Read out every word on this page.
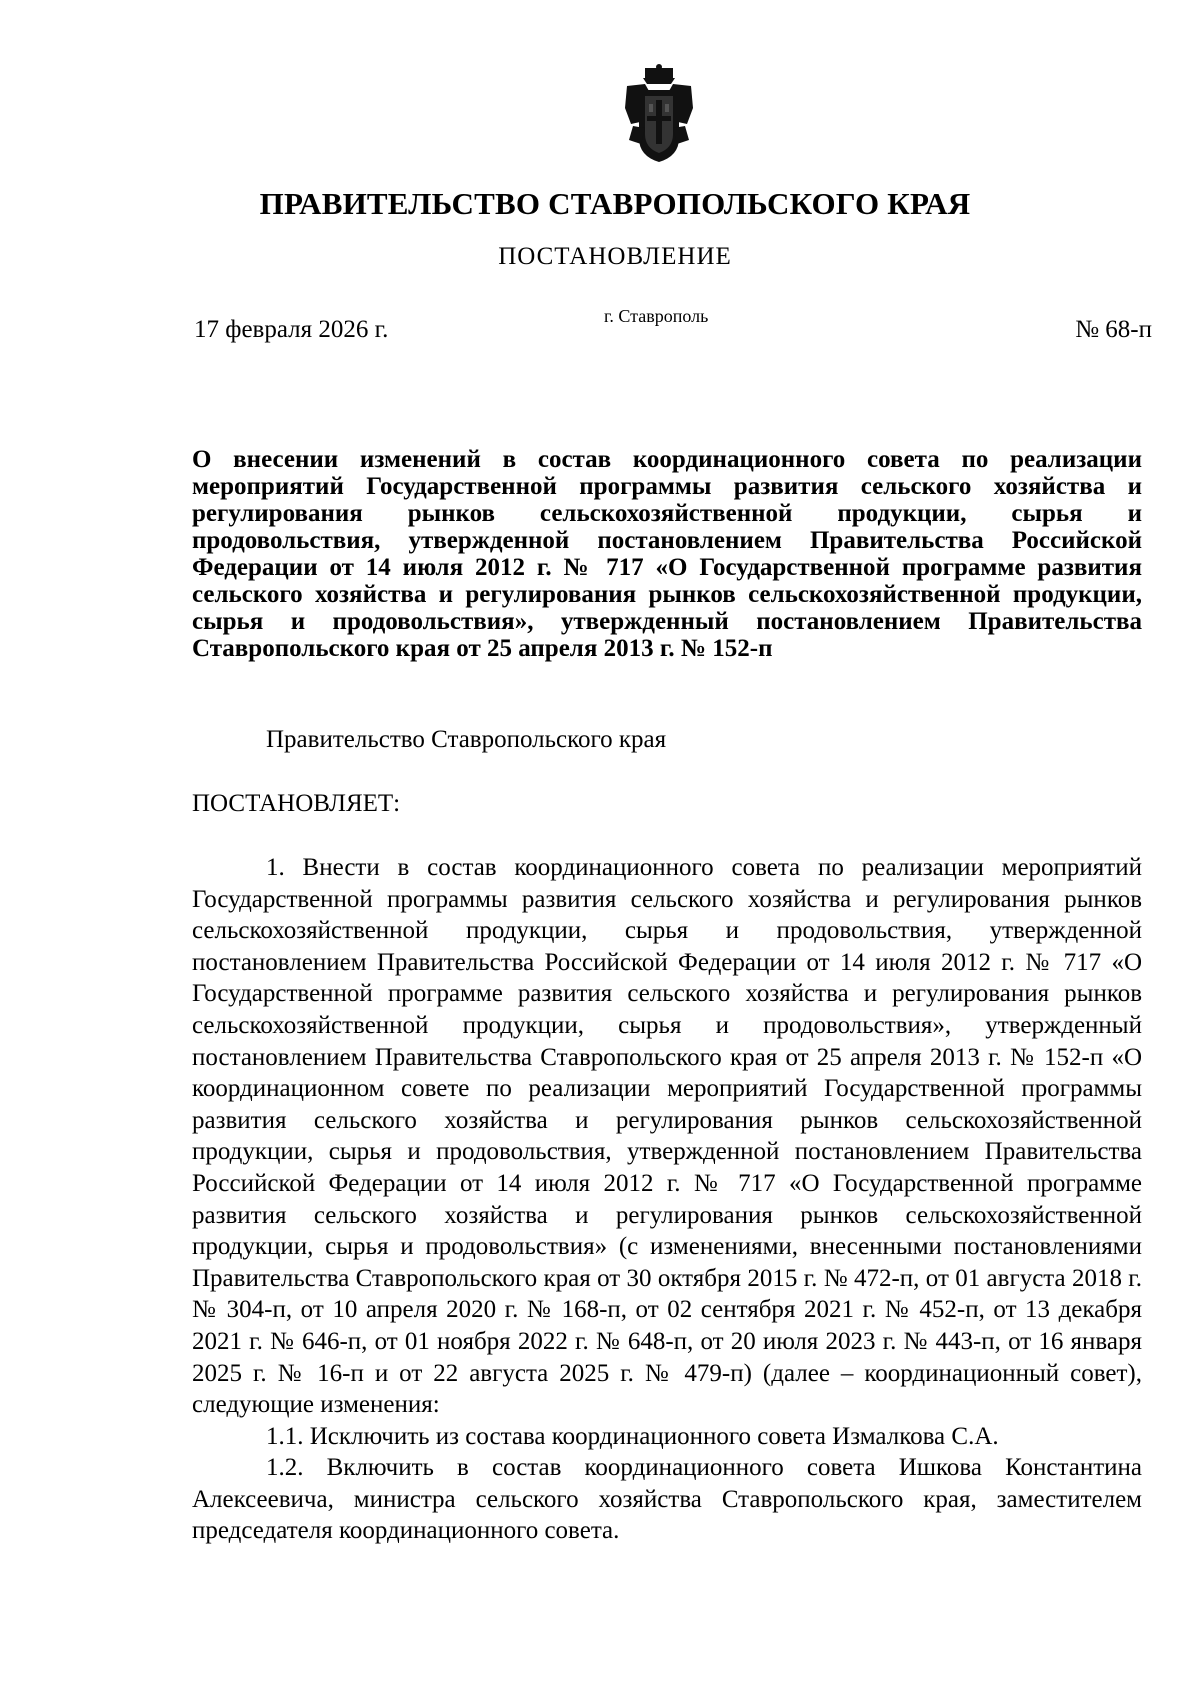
ПРАВИТЕЛЬСТВО СТАВРОПОЛЬСКОГО КРАЯ
ПОСТАНОВЛЕНИЕ
17 февраля 2026 г.	г. Ставрополь	№ 68-п

О внесении изменений в состав координационного совета по реализации мероприятий Государственной программы развития сельского хозяйства и регулирования рынков сельскохозяйственной продукции, сырья и продовольствия, утвержденной постановлением Правительства Российской Федерации от 14 июля 2012 г. № 717 «О Государственной программе развития сельского хозяйства и регулирования рынков сельскохозяйственной продукции, сырья и продовольствия», утвержденный постановлением Правительства Ставропольского края от 25 апреля 2013 г. № 152-п

Правительство Ставропольского края
ПОСТАНОВЛЯЕТ:

1. Внести в состав координационного совета по реализации мероприятий Государственной программы развития сельского хозяйства и регулирования рынков сельскохозяйственной продукции, сырья и продовольствия, утвержденной постановлением Правительства Российской Федерации от 14 июля 2012 г. № 717 «О Государственной программе развития сельского хозяйства и регулирования рынков сельскохозяйственной продукции, сырья и продовольствия», утвержденный постановлением Правительства Ставропольского края от 25 апреля 2013 г. № 152-п «О координационном совете по реализации мероприятий Государственной программы развития сельского хозяйства и регулирования рынков сельскохозяйственной продукции, сырья и продовольствия, утвержденной постановлением Правительства Российской Федерации от 14 июля 2012 г. № 717 «О Государственной программе развития сельского хозяйства и регулирования рынков сельскохозяйственной продукции, сырья и продовольствия» (с изменениями, внесенными постановлениями Правительства Ставропольского края от 30 октября 2015 г. № 472-п, от 01 августа 2018 г. № 304-п, от 10 апреля 2020 г. № 168-п, от 02 сентября 2021 г. № 452-п, от 13 декабря 2021 г. № 646-п, от 01 ноября 2022 г. № 648-п, от 20 июля 2023 г. № 443-п, от 16 января 2025 г. № 16-п и от 22 августа 2025 г. № 479-п) (далее – координационный совет), следующие изменения:

1.1. Исключить из состава координационного совета Измалкова С.А.

1.2. Включить в состав координационного совета Ишкова Константина Алексеевича, министра сельского хозяйства Ставропольского края, заместителем председателя координационного совета.
